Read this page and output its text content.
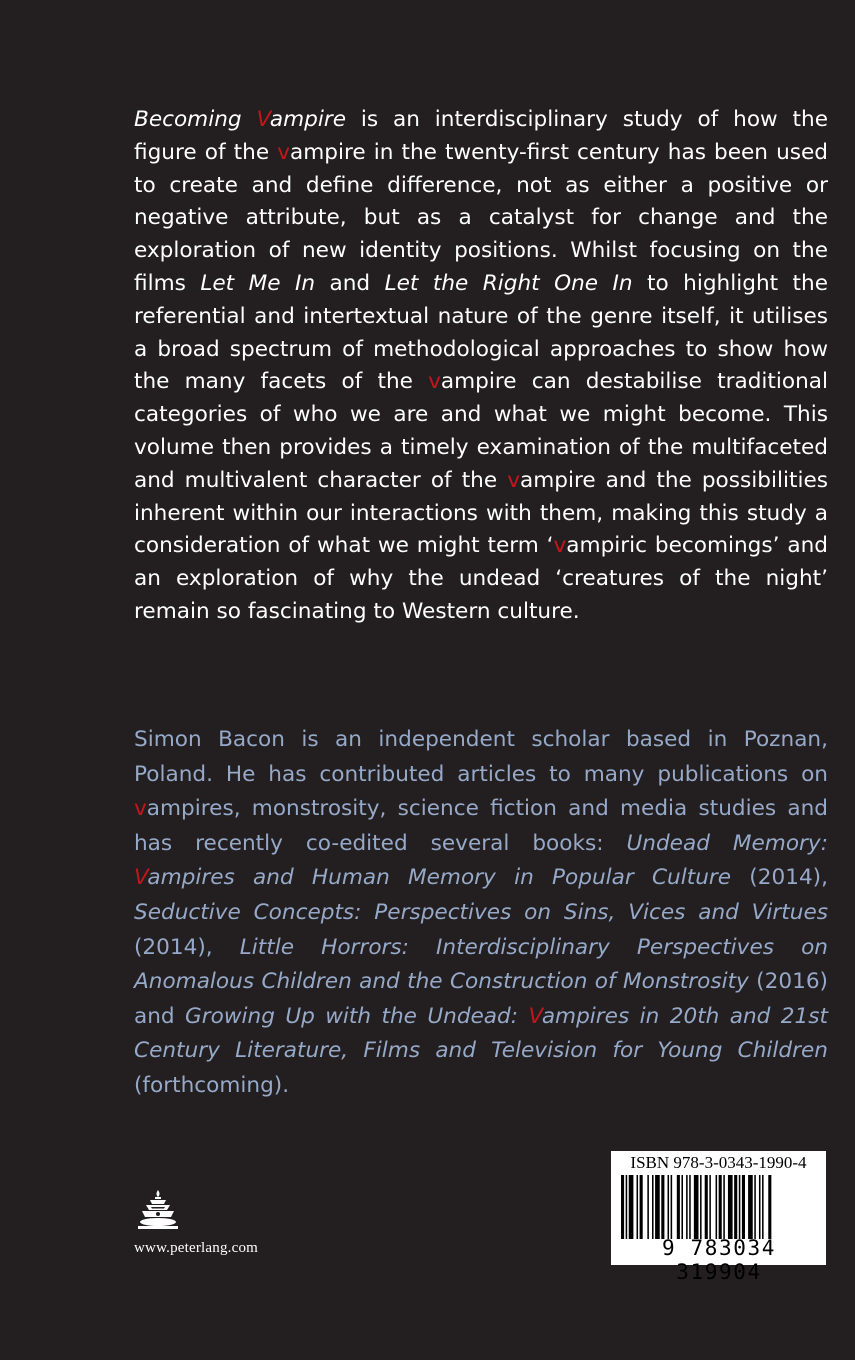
Becoming Vampire is an interdisciplinary study of how the figure of the vampire in the twenty-first century has been used to create and define difference, not as either a positive or negative attribute, but as a catalyst for change and the exploration of new identity positions. Whilst focusing on the films Let Me In and Let the Right One In to highlight the referential and intertextual nature of the genre itself, it utilises a broad spectrum of methodological approaches to show how the many facets of the vampire can destabilise traditional categories of who we are and what we might become. This volume then provides a timely examination of the multifaceted and multivalent character of the vampire and the possibilities inherent within our interactions with them, making this study a consideration of what we might term ‘vampiric becomings’ and an exploration of why the undead ‘creatures of the night’ remain so fascinating to Western culture.

Simon Bacon is an independent scholar based in Poznan, Poland. He has contributed articles to many publications on vampires, monstrosity, science fiction and media studies and has recently co-edited several books: Undead Memory: Vampires and Human Memory in Popular Culture (2014), Seductive Concepts: Perspectives on Sins, Vices and Virtues (2014), Little Horrors: Interdisciplinary Perspectives on Anomalous Children and the Construction of Monstrosity (2016) and Growing Up with the Undead: Vampires in 20th and 21st Century Literature, Films and Television for Young Children (forthcoming).

www.peterlang.com
ISBN 978-3-0343-1990-4
9 783034 319904
